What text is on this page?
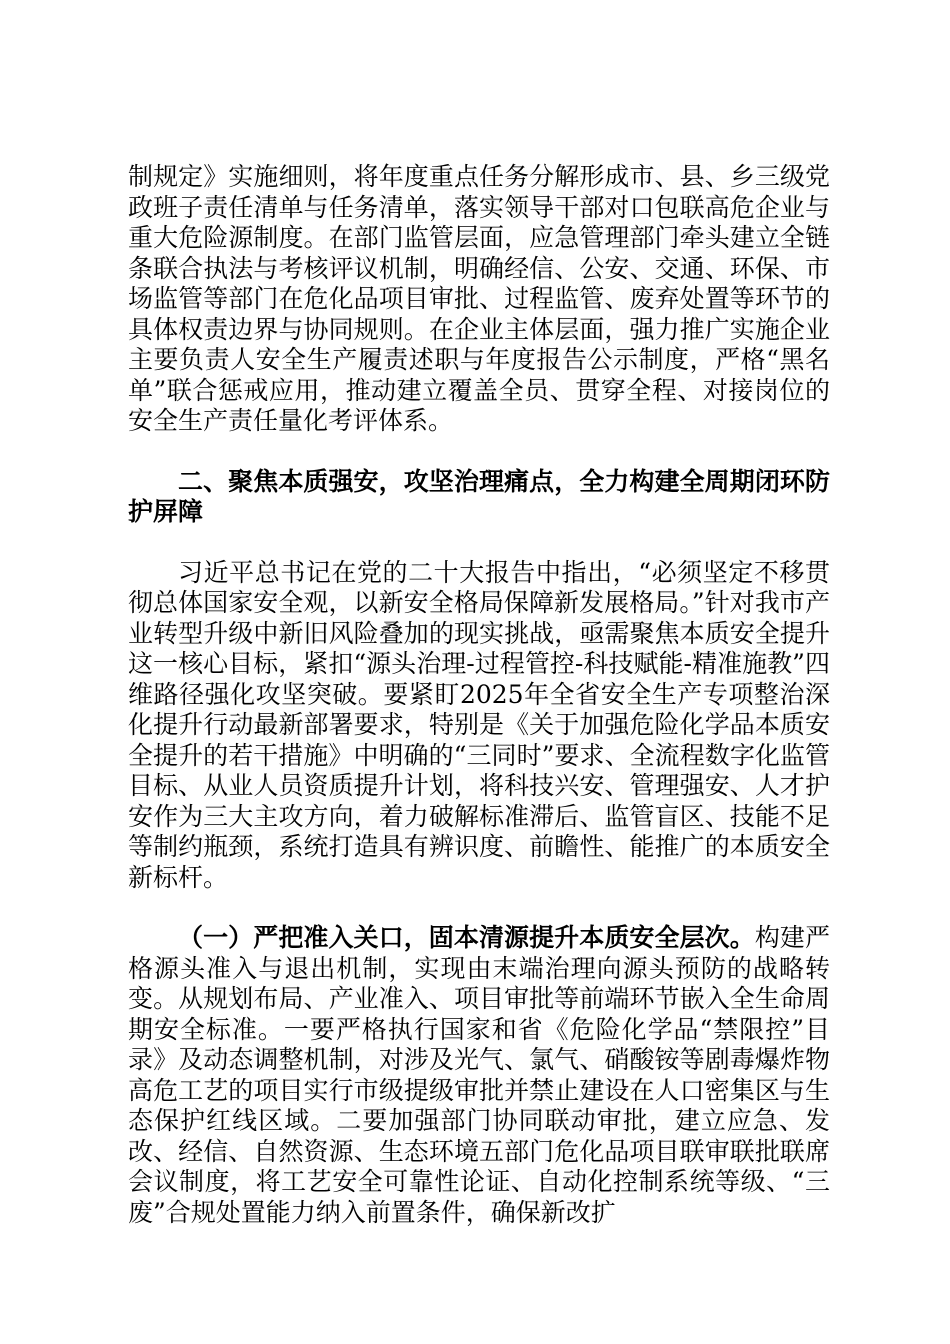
制规定》实施细则，将年度重点任务分解形成市、县、乡三级党政班子责任清单与任务清单，落实领导干部对口包联高危企业与重大危险源制度。在部门监管层面，应急管理部门牵头建立全链条联合执法与考核评议机制，明确经信、公安、交通、环保、市场监管等部门在危化品项目审批、过程监管、废弃处置等环节的具体权责边界与协同规则。在企业主体层面，强力推广实施企业主要负责人安全生产履责述职与年度报告公示制度，严格“黑名单”联合惩戒应用，推动建立覆盖全员、贯穿全程、对接岗位的安全生产责任量化考评体系。

二、聚焦本质强安，攻坚治理痛点，全力构建全周期闭环防护屏障

习近平总书记在党的二十大报告中指出，“必须坚定不移贯彻总体国家安全观，以新安全格局保障新发展格局。”针对我市产业转型升级中新旧风险叠加的现实挑战，亟需聚焦本质安全提升这一核心目标，紧扣“源头治理-过程管控-科技赋能-精准施教”四维路径强化攻坚突破。要紧盯2025年全省安全生产专项整治深化提升行动最新部署要求，特别是《关于加强危险化学品本质安全提升的若干措施》中明确的“三同时”要求、全流程数字化监管目标、从业人员资质提升计划，将科技兴安、管理强安、人才护安作为三大主攻方向，着力破解标准滞后、监管盲区、技能不足等制约瓶颈，系统打造具有辨识度、前瞻性、能推广的本质安全新标杆。

（一）严把准入关口，固本清源提升本质安全层次。构建严格源头准入与退出机制，实现由末端治理向源头预防的战略转变。从规划布局、产业准入、项目审批等前端环节嵌入全生命周期安全标准。一要严格执行国家和省《危险化学品“禁限控”目录》及动态调整机制，对涉及光气、氯气、硝酸铵等剧毒爆炸物高危工艺的项目实行市级提级审批并禁止建设在人口密集区与生态保护红线区域。二要加强部门协同联动审批，建立应急、发改、经信、自然资源、生态环境五部门危化品项目联审联批联席会议制度，将工艺安全可靠性论证、自动化控制系统等级、“三废”合规处置能力纳入前置条件，确保新改扩
